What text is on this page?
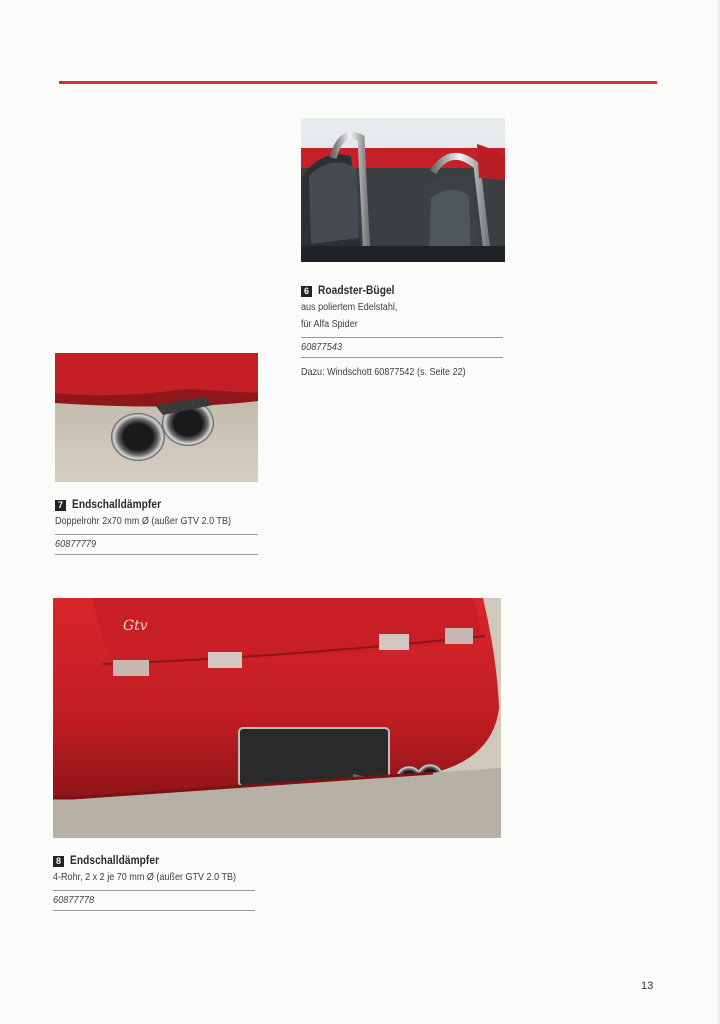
6 Roadster-Bügel
aus poliertem Edelstahl,
für Alfa Spider
60877543
Dazu: Windschott 60877542 (s. Seite 22)
7 Endschalldämpfer
Doppelrohr 2x70 mm Ø (außer GTV 2.0 TB)
60877779
Gtv
8 Endschalldämpfer
4-Rohr, 2 x 2 je 70 mm Ø (außer GTV 2.0 TB)
60877778
13
